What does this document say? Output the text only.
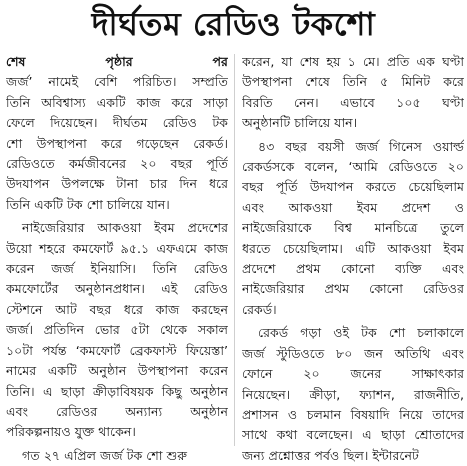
দীর্ঘতম রেডিও টকশো
শেষ পৃষ্ঠার পর
জর্জ’ নামেই বেশি পরিচিত। সম্প্রতি
তিনি অবিশ্বাস্য একটি কাজ করে সাড়া
ফেলে দিয়েছেন। দীর্ঘতম রেডিও টক
শো উপস্থাপনা করে গড়েছেন রেকর্ড।
রেডিওতে কর্মজীবনের ২০ বছর পূর্তি
উদযাপন উপলক্ষে টানা চার দিন ধরে
তিনি একটি টক শো চালিয়ে যান।
নাইজেরিয়ার আকওয়া ইবম প্রদেশের
উয়ো শহরে কমফোর্ট ৯৫.১ এফএমে কাজ
করেন জর্জ ইনিয়াসি। তিনি রেডিও
কমফোর্টের অনুষ্ঠানপ্রধান। এই রেডিও
স্টেশনে আট বছর ধরে কাজ করছেন
জর্জ। প্রতিদিন ভোর ৫টা থেকে সকাল
১০টা পর্যন্ত ‘কমফোর্ট ব্রেকফাস্ট ফিয়েস্তা’
নামের একটি অনুষ্ঠান উপস্থাপনা করেন
তিনি। এ ছাড়া ক্রীড়াবিষয়ক কিছু অনুষ্ঠান
এবং রেডিওর অন্যান্য অনুষ্ঠান
পরিকল্পনায়ও যুক্ত থাকেন।
গত ২৭ এপ্রিল জর্জ টক শো শুরু
করেন, যা শেষ হয় ১ মে। প্রতি এক ঘণ্টা
উপস্থাপনা শেষে তিনি ৫ মিনিট করে
বিরতি নেন। এভাবে ১০৫ ঘণ্টা
অনুষ্ঠানটি চালিয়ে যান।
৪৩ বছর বয়সী জর্জ গিনেস ওয়ার্ল্ড
রেকর্ডসকে বলেন, ‘আমি রেডিওতে ২০
বছর পূর্তি উদযাপন করতে চেয়েছিলাম
এবং আকওয়া ইবম প্রদেশ ও
নাইজেরিয়াকে বিশ্ব মানচিত্রে তুলে
ধরতে চেয়েছিলাম। এটি আকওয়া ইবম
প্রদেশে প্রথম কোনো ব্যক্তি এবং
নাইজেরিয়ার প্রথম কোনো রেডিওর
রেকর্ড।
রেকর্ড গড়া ওই টক শো চলাকালে
জর্জ স্টুডিওতে ৮০ জন অতিথি এবং
ফোনে ২০ জনের সাক্ষাৎকার
নিয়েছেন। ক্রীড়া, ফ্যাশন, রাজনীতি,
প্রশাসন ও চলমান বিষয়াদি নিয়ে তাদের
সাথে কথা বলেছেন। এ ছাড়া শ্রোতাদের
জন্য প্রশ্নোত্তর পর্বও ছিল। ইন্টারনেট
